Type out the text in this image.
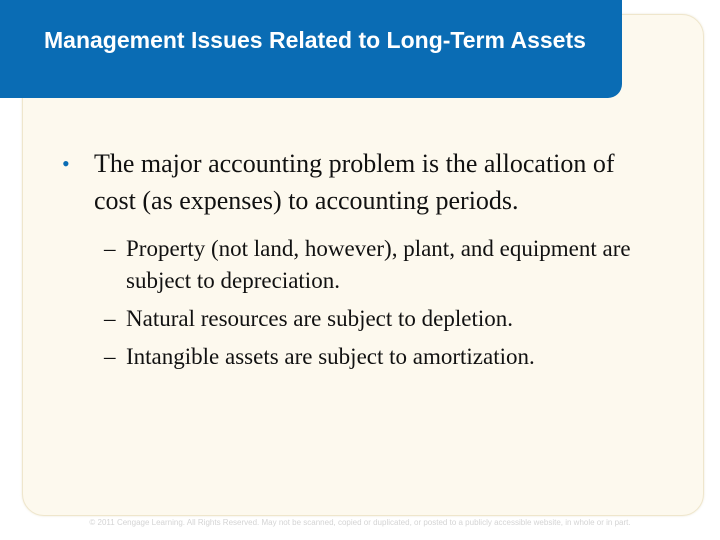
Management Issues Related to Long-Term Assets
• The major accounting problem is the allocation of cost (as expenses) to accounting periods.
– Property (not land, however), plant, and equipment are subject to depreciation.
– Natural resources are subject to depletion.
– Intangible assets are subject to amortization.
© 2011 Cengage Learning. All Rights Reserved. May not be scanned, copied or duplicated, or posted to a publicly accessible website, in whole or in part.
